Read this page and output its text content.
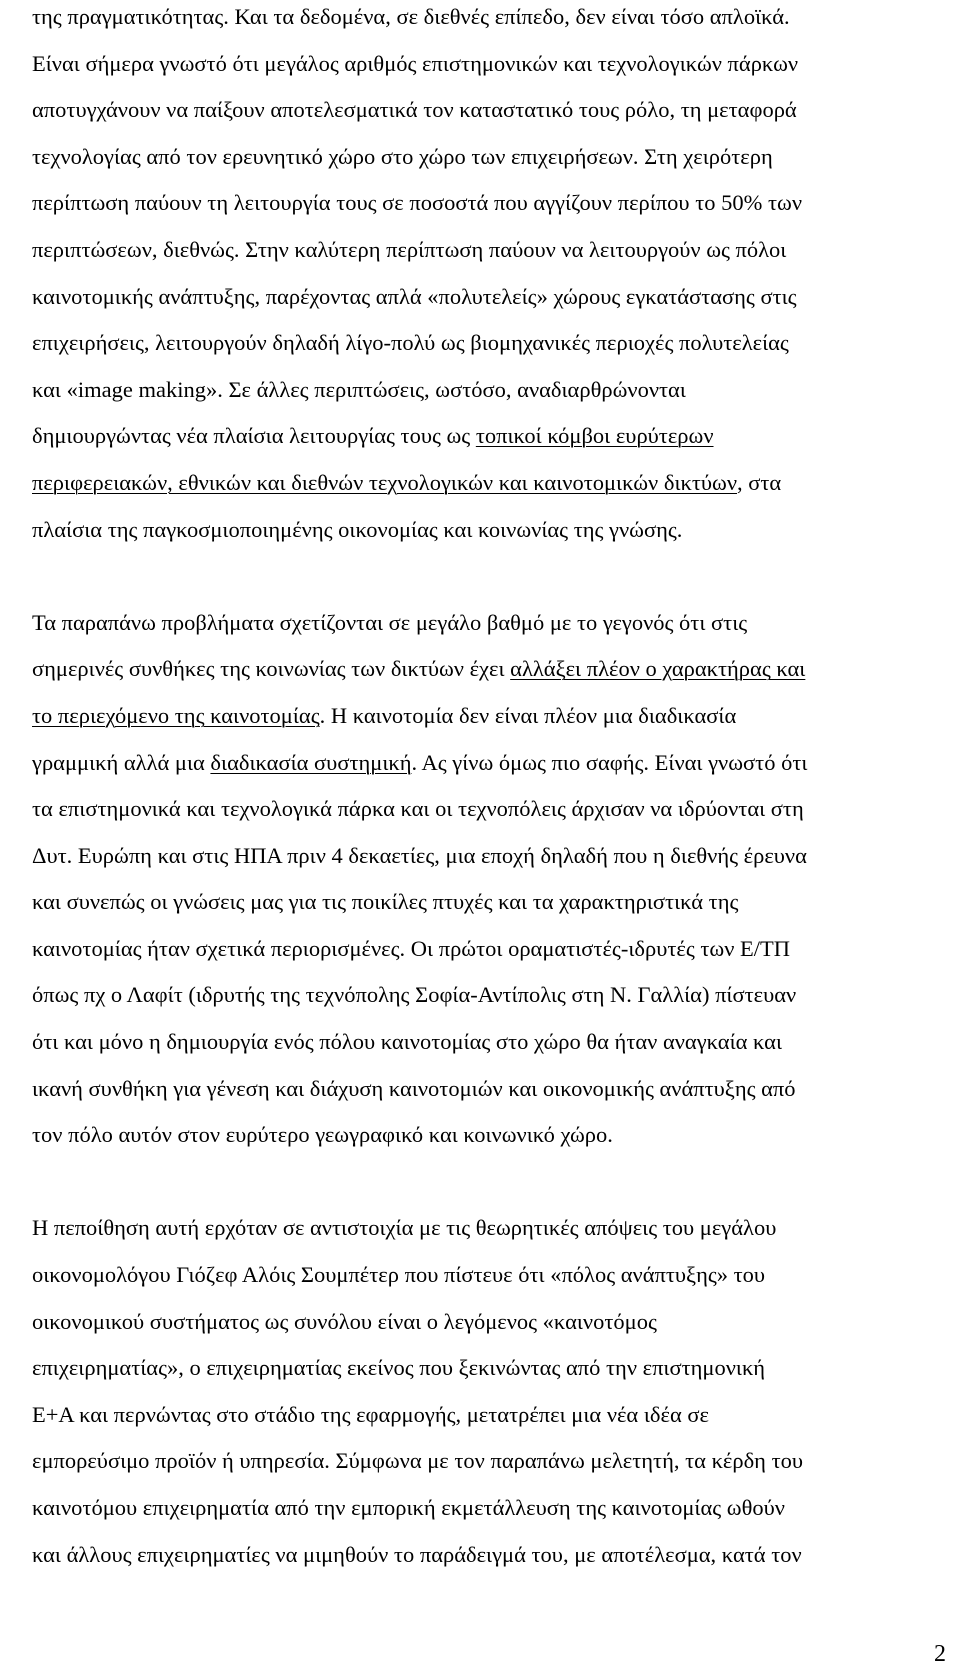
της πραγματικότητας. Και τα δεδομένα, σε διεθνές επίπεδο, δεν είναι τόσο απλοϊκά.
Είναι σήμερα γνωστό ότι μεγάλος αριθμός επιστημονικών και τεχνολογικών πάρκων
αποτυγχάνουν να παίξουν αποτελεσματικά τον καταστατικό τους ρόλο, τη μεταφορά
τεχνολογίας από τον ερευνητικό χώρο στο χώρο των επιχειρήσεων. Στη χειρότερη
περίπτωση παύουν τη λειτουργία τους σε ποσοστά που αγγίζουν περίπου το 50% των
περιπτώσεων, διεθνώς. Στην καλύτερη περίπτωση παύουν να λειτουργούν ως πόλοι
καινοτομικής ανάπτυξης, παρέχοντας απλά «πολυτελείς» χώρους εγκατάστασης στις
επιχειρήσεις, λειτουργούν δηλαδή λίγο-πολύ ως βιομηχανικές περιοχές πολυτελείας
και «image making». Σε άλλες περιπτώσεις, ωστόσο, αναδιαρθρώνονται
δημιουργώντας νέα πλαίσια λειτουργίας τους ως τοπικοί κόμβοι ευρύτερων
περιφερειακών, εθνικών και διεθνών τεχνολογικών και καινοτομικών δικτύων, στα
πλαίσια της παγκοσμιοποιημένης οικονομίας και κοινωνίας της γνώσης.
Τα παραπάνω προβλήματα σχετίζονται σε μεγάλο βαθμό με το γεγονός ότι στις
σημερινές συνθήκες της κοινωνίας των δικτύων έχει αλλάξει πλέον ο χαρακτήρας και
το περιεχόμενο της καινοτομίας. Η καινοτομία δεν είναι πλέον μια διαδικασία
γραμμική αλλά μια διαδικασία συστημική. Ας γίνω όμως πιο σαφής. Είναι γνωστό ότι
τα επιστημονικά και τεχνολογικά πάρκα και οι τεχνοπόλεις άρχισαν να ιδρύονται στη
Δυτ. Ευρώπη και στις ΗΠΑ πριν 4 δεκαετίες, μια εποχή δηλαδή που η διεθνής έρευνα
και συνεπώς οι γνώσεις μας για τις ποικίλες πτυχές και τα χαρακτηριστικά της
καινοτομίας ήταν σχετικά περιορισμένες. Οι πρώτοι οραματιστές-ιδρυτές των Ε/ΤΠ
όπως πχ ο Λαφίτ (ιδρυτής της τεχνόπολης Σοφία-Αντίπολις στη Ν. Γαλλία) πίστευαν
ότι και μόνο η δημιουργία ενός πόλου καινοτομίας στο χώρο θα ήταν αναγκαία και
ικανή συνθήκη για γένεση και διάχυση καινοτομιών και οικονομικής ανάπτυξης από
τον πόλο αυτόν στον ευρύτερο γεωγραφικό και κοινωνικό χώρο.
Η πεποίθηση αυτή ερχόταν σε αντιστοιχία με τις θεωρητικές απόψεις του μεγάλου
οικονομολόγου Γιόζεφ Αλόις Σουμπέτερ που πίστευε ότι «πόλος ανάπτυξης» του
οικονομικού συστήματος ως συνόλου είναι ο λεγόμενος «καινοτόμος
επιχειρηματίας», ο επιχειρηματίας εκείνος που ξεκινώντας από την επιστημονική
Ε+Α και περνώντας στο στάδιο της εφαρμογής, μετατρέπει μια νέα ιδέα σε
εμπορεύσιμο προϊόν ή υπηρεσία. Σύμφωνα με τον παραπάνω μελετητή, τα κέρδη του
καινοτόμου επιχειρηματία από την εμπορική εκμετάλλευση της καινοτομίας ωθούν
και άλλους επιχειρηματίες να μιμηθούν το παράδειγμά του, με αποτέλεσμα, κατά τον
2
